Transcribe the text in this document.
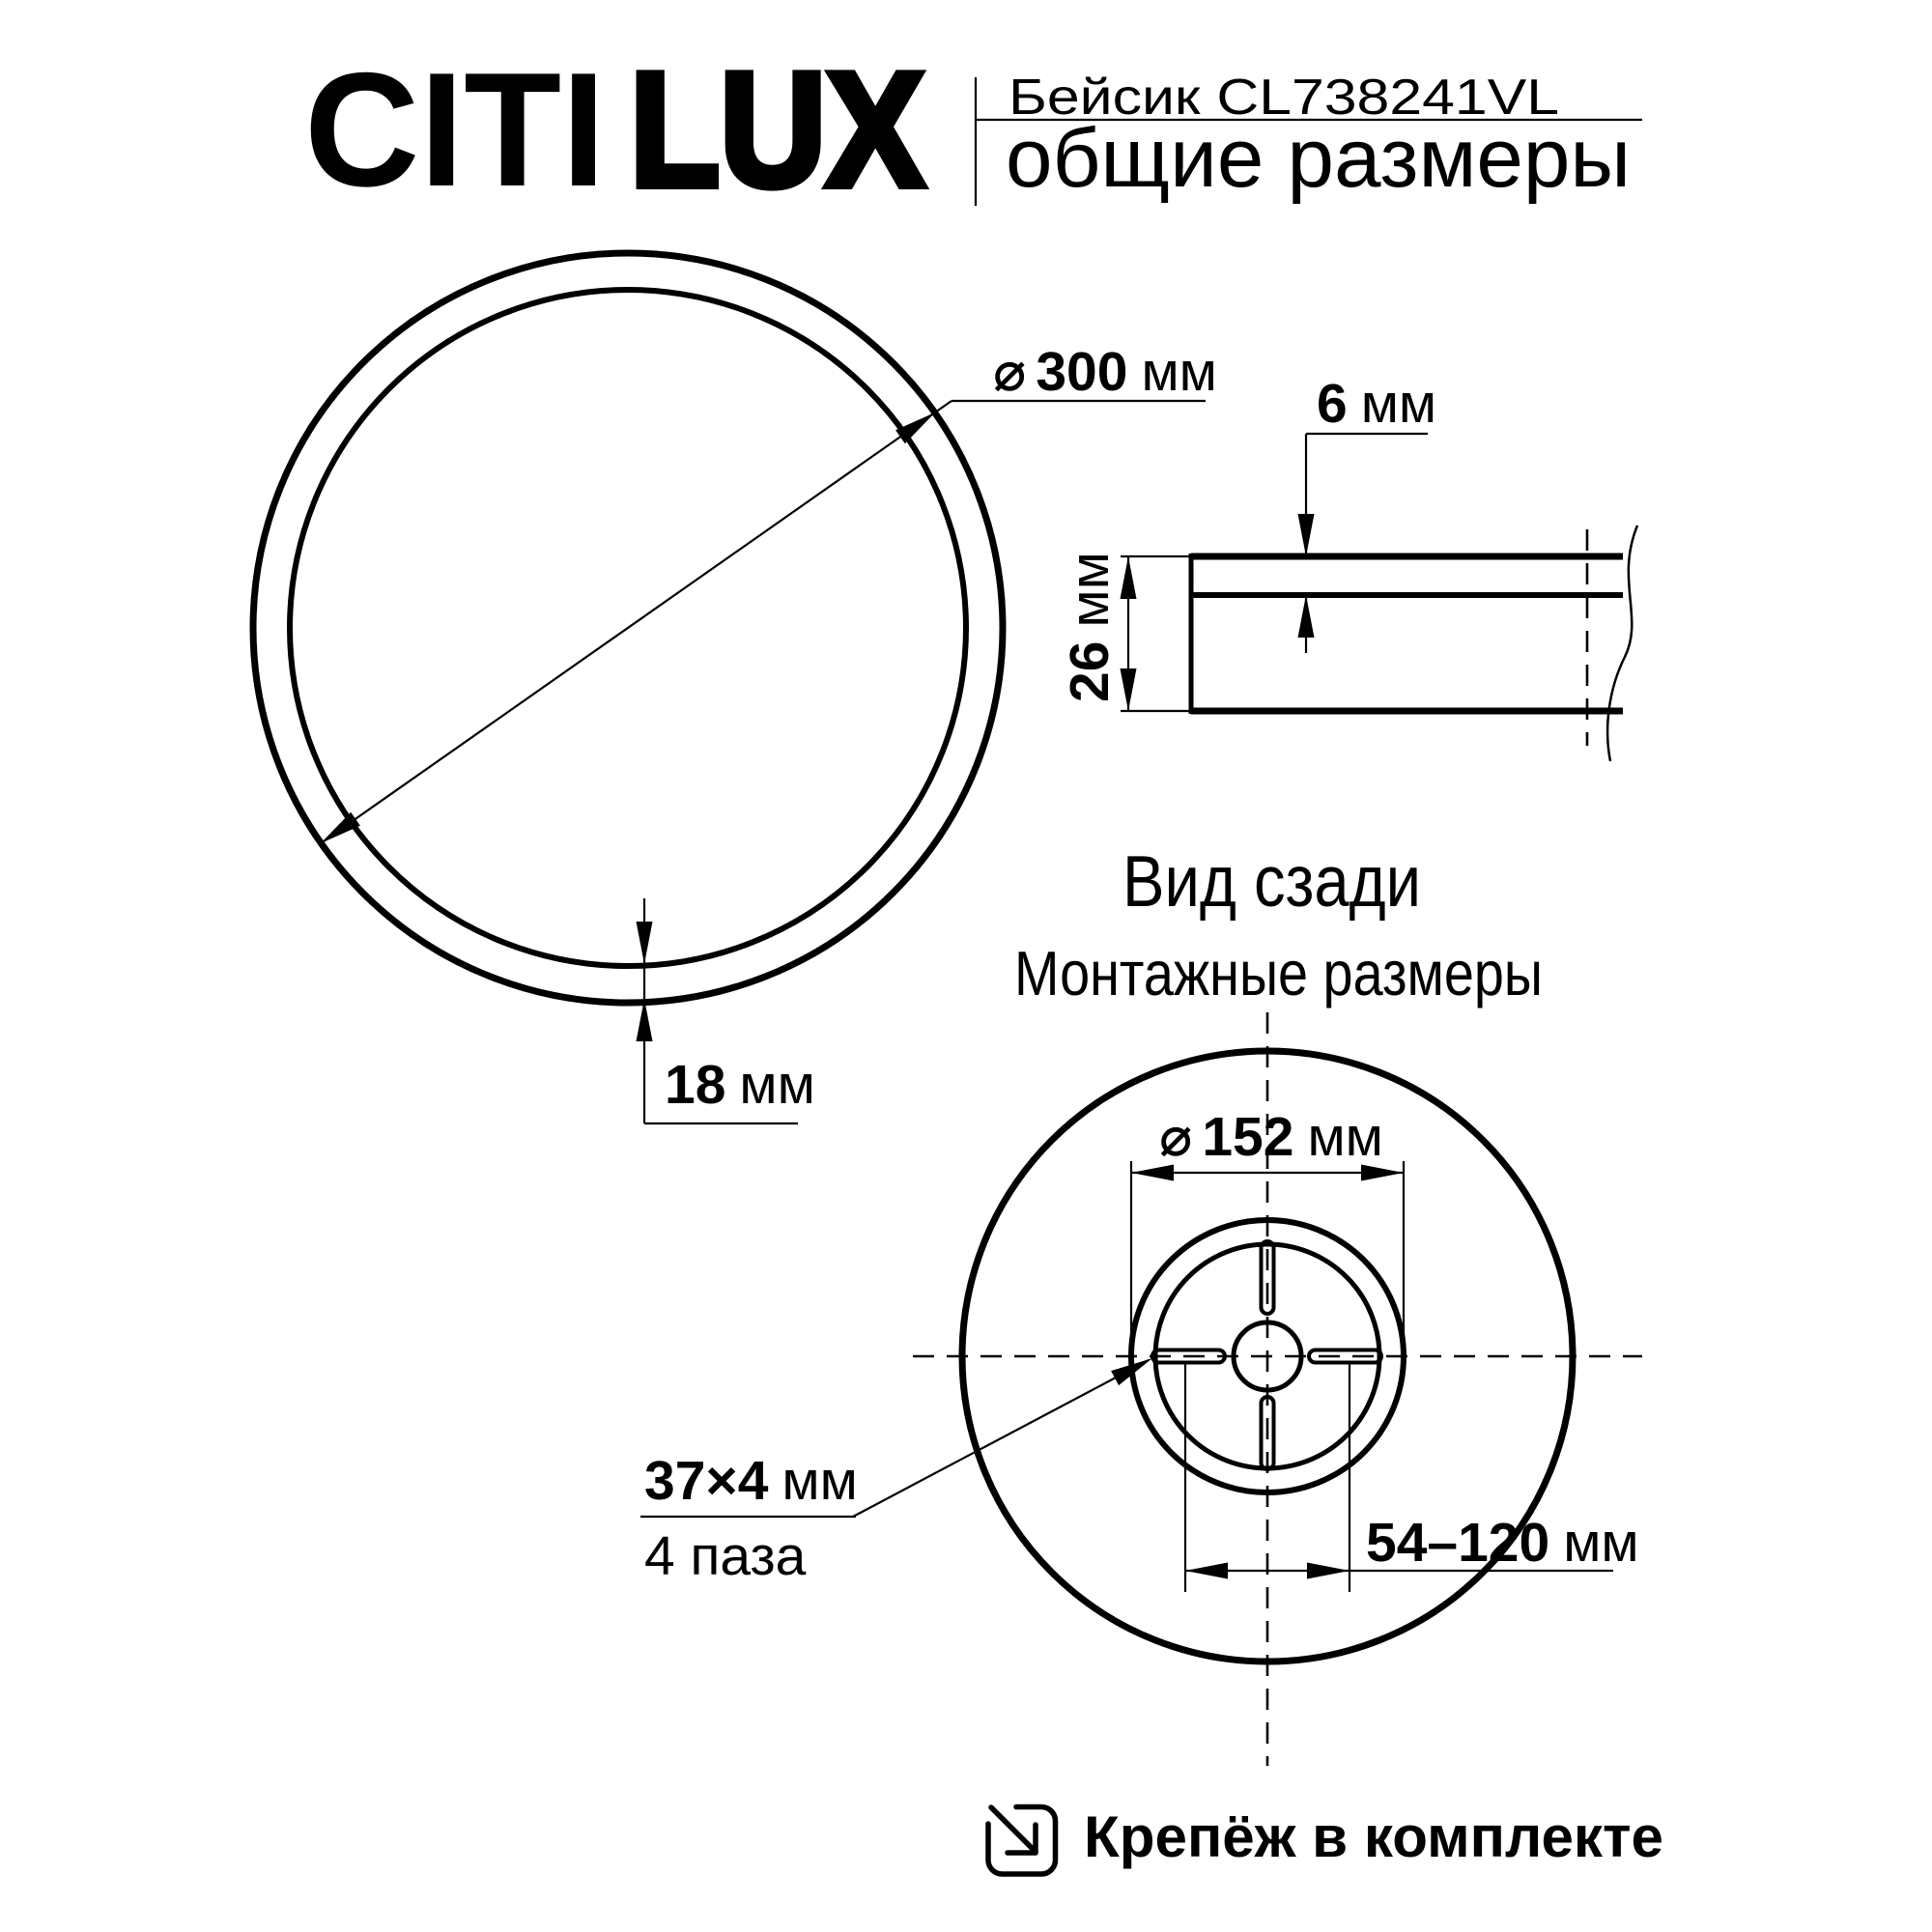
CITI LUX Бейсик CL738241VL
общие размеры
⌀ 300 мм
18 мм
6 мм
26мм
Вид сзади
Монтажные размеры
⌀ 152 мм
54–120 мм
37×4 мм
4 паза
Крепёж в комплекте
